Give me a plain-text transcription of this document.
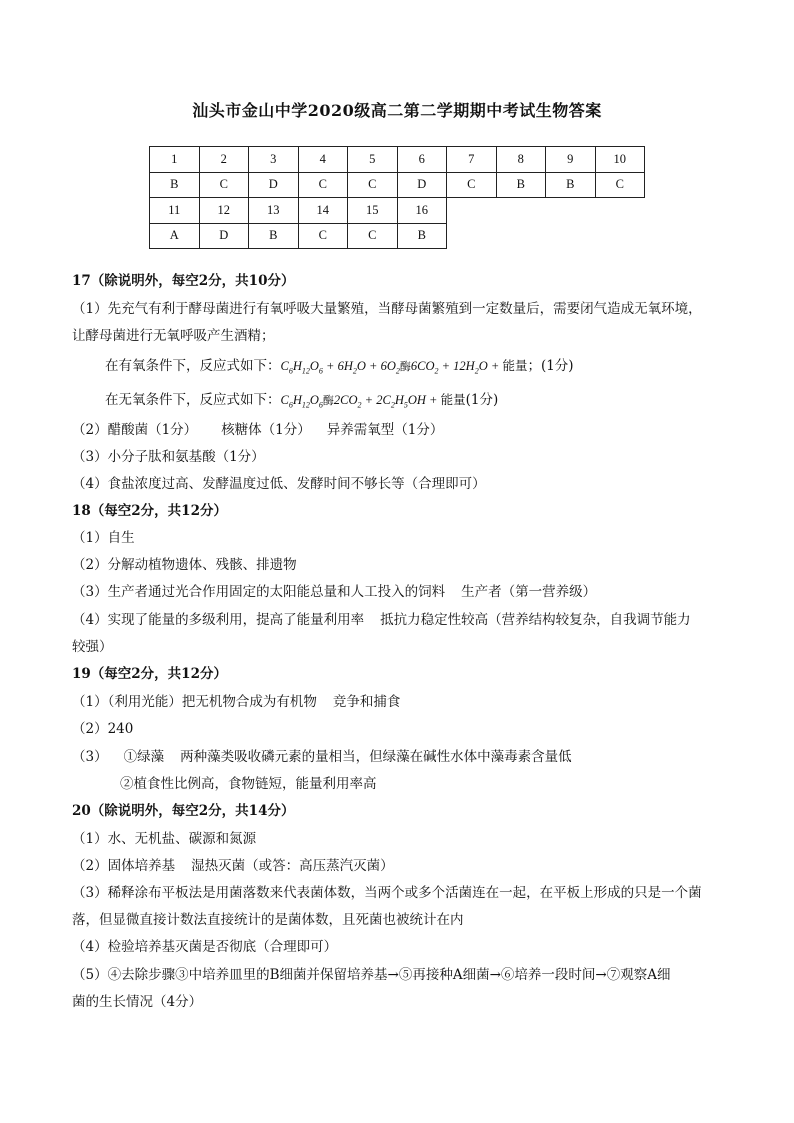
汕头市金山中学2020级高二第二学期期中考试生物答案
1	2	3	4	5	6	7	8	9	10
B	C	D	C	C	D	C	B	B	C
11	12	13	14	15	16				
A	D	B	C	C	B				
17（除说明外，每空2分，共10分）
（1）先充气有利于酵母菌进行有氧呼吸大量繁殖，当酵母菌繁殖到一定数量后，需要闭气造成无氧环境，
让酵母菌进行无氧呼吸产生酒精；
在有氧条件下，反应式如下：$C_6H_{12}O_6 + 6H_2O + 6O_2$酶$6CO_2 + 12H_2O$ + 能量；(1分)
在无氧条件下，反应式如下：$C_6H_{12}O_6$酶$2CO_2 + 2C_2H_5OH$ + 能量(1分)
（2）醋酸菌（1分） 核糖体（1分） 异养需氧型（1分）
（3）小分子肽和氨基酸（1分）
（4）食盐浓度过高、发酵温度过低、发酵时间不够长等（合理即可）
18（每空2分，共12分）
（1）自生
（2）分解动植物遗体、残骸、排遗物
（3）生产者通过光合作用固定的太阳能总量和人工投入的饲料 生产者（第一营养级）
（4）实现了能量的多级利用，提高了能量利用率 抵抗力稳定性较高（营养结构较复杂，自我调节能力
较强）
19（每空2分，共12分）
（1）（利用光能）把无机物合成为有机物 竞争和捕食
（2）240
（3） ①绿藻 两种藻类吸收磷元素的量相当，但绿藻在碱性水体中藻毒素含量低
②植食性比例高，食物链短，能量利用率高
20（除说明外，每空2分，共14分）
（1）水、无机盐、碳源和氮源
（2）固体培养基 湿热灭菌（或答：高压蒸汽灭菌）
（3）稀释涂布平板法是用菌落数来代表菌体数，当两个或多个活菌连在一起，在平板上形成的只是一个菌
落，但显微直接计数法直接统计的是菌体数，且死菌也被统计在内
（4）检验培养基灭菌是否彻底（合理即可）
（5）④去除步骤③中培养皿里的B细菌并保留培养基→⑤再接种A细菌→⑥培养一段时间→⑦观察A细
菌的生长情况（4分）
